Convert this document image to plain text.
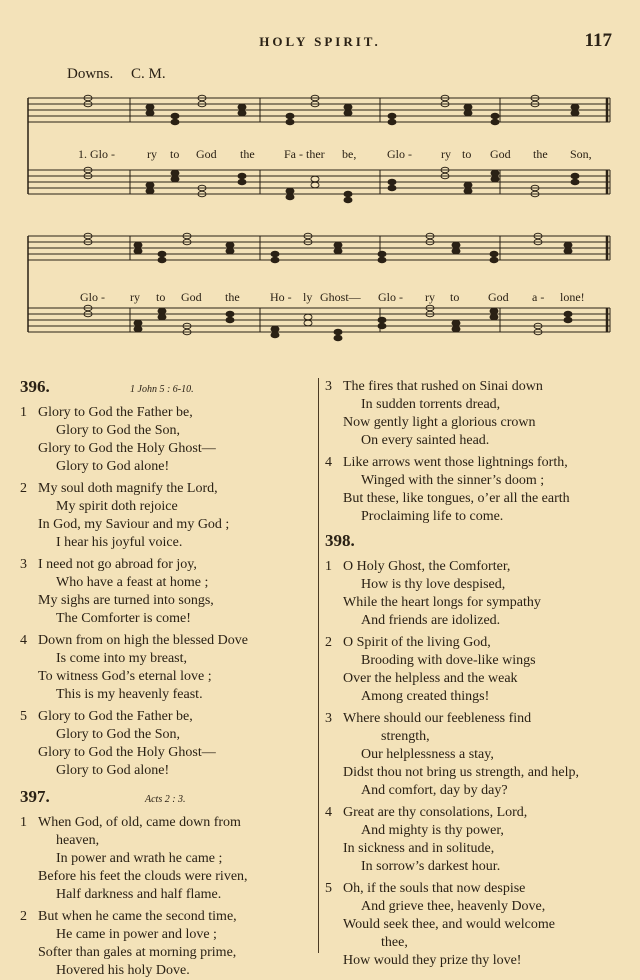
HOLY SPIRIT.	117
Downs. C. M.
1. Glo -	ry to God the Fa - ther be,	Glo - ry to God the Son,
Glo - ry to God the	Ho - ly Ghost— Glo - ry to God a - lone!
396.	1 John 5 : 6-10.
1 Glory to God the Father be,
Glory to God the Son,
Glory to God the Holy Ghost—
Glory to God alone!
2 My soul doth magnify the Lord,
My spirit doth rejoice
In God, my Saviour and my God ;
I hear his joyful voice.
3 I need not go abroad for joy,
Who have a feast at home ;
My sighs are turned into songs,
The Comforter is come!
4 Down from on high the blessed Dove
Is come into my breast,
To witness God’s eternal love ;
This is my heavenly feast.
5 Glory to God the Father be,
Glory to God the Son,
Glory to God the Holy Ghost—
Glory to God alone!
397.	Acts 2 : 3.
1 When God, of old, came down from
heaven,
In power and wrath he came ;
Before his feet the clouds were riven,
Half darkness and half flame.
2 But when he came the second time,
He came in power and love ;
Softer than gales at morning prime,
Hovered his holy Dove.
3 The fires that rushed on Sinai down
In sudden torrents dread,
Now gently light a glorious crown
On every sainted head.
4 Like arrows went those lightnings forth,
Winged with the sinner’s doom ;
But these, like tongues, o’er all the earth
Proclaiming life to come.
398.
1 O Holy Ghost, the Comforter,
How is thy love despised,
While the heart longs for sympathy
And friends are idolized.
2 O Spirit of the living God,
Brooding with dove-like wings
Over the helpless and the weak
Among created things!
3 Where should our feebleness find
strength,
Our helplessness a stay,
Didst thou not bring us strength, and help,
And comfort, day by day?
4 Great are thy consolations, Lord,
And mighty is thy power,
In sickness and in solitude,
In sorrow’s darkest hour.
5 Oh, if the souls that now despise
And grieve thee, heavenly Dove,
Would seek thee, and would welcome
thee,
How would they prize thy love!
